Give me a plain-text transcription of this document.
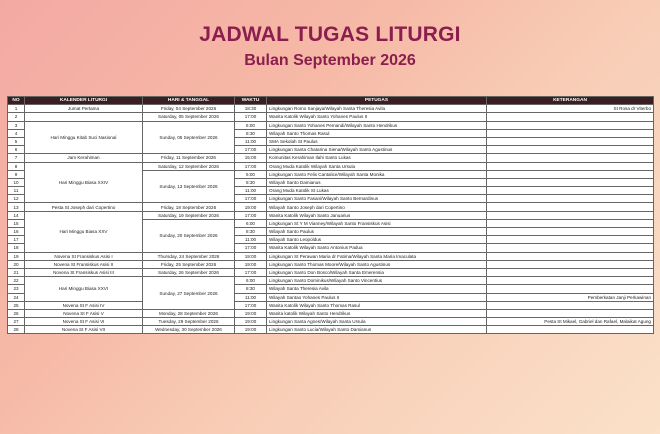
JADWAL TUGAS LITURGI
Bulan September 2026
NO	KALENDER LITURGI	HARI & TANGGAL	WAKTU	PETUGAS	KETERANGAN
1	Jumat Pertama	Friday, 04 September 2026	18:30	Lingkungan Romo Sanjaya/Wilayah Santa Theresia Avila	St Rosa dr Viterbo
2		Saturday, 05 September 2026	17:00	Wanita Katolik Wilayah Santo Yohanes Paulus II	
3	Hari Minggu Kitab Suci Nasional	Sunday, 06 September 2026	6:00	Lingkungan Santo Yohanes Pemandi/Wilayah Santo Hendrikus	
4			8:30	Wilayah Santo Thomas Rasul	
5			11:00	SMA Sekolah St Paulus	
6			17:00	Lingkungan Santa Chatarina Siena/Wilayah Santo Agustinus	
7	Jam Kerahiman	Friday, 11 September 2026	15:00	Komunitas Kerahiman Ilahi Santo Lukas	
8	Hari Minggu Biasa XXIV	Saturday, 12 September 2026	17:00	Orang Muda Katolik Wilayah Santa Ursula	
9		Sunday, 13 September 2026	6:00	Lingkungan Santo Felix Cantalice/Wilayah Santa Monika	
10			8:30	Wilayah Santo Damianus	
11			11:00	Orang Muda Katolik St Lukas	
12			17:00	Lingkungan Santo Fasani/Wilayah Santo Bernardinus	
13	Pesta St Joseph dari Copertino	Friday, 18 September 2026	19:00	Wilayah Santo Joseph dari Copertino	
14	Hari Minggu Biasa XXV	Saturday, 19 September 2026	17:00	Wanita Katolik Wilayah Santo Januarius	
15		Sunday, 20 September 2026	6:00	Lingkungan St Y M Vianney/Wilayah Santo Fransiskus Asisi	
16			8:30	Wilayah Santo Paulus	
17			11:00	Wilayah Santo Leopoldus	
18			17:00	Wanita Katolik Wilayah Santo Antonius Padua	
19	Novena St Fransiskus Asisi I	Thursday, 24 September 2026	19:00	Lingkungan St Perawan Maria dr Fatima/Wilayah Santa Maria Imaculata	
20	Novena St Fransiskus Asisi II	Friday, 25 September 2026	19:00	Lingkungan Santo Thomas Moore/Wilayah Santo Agustinus	
21	Novena St Fransiskus Asisi III	Saturday, 26 September 2026	17:00	Lingkungan Santo Don Bosco/Wilayah Santa Emerensia	
22	Hari Minggu Biasa XXVI	Sunday, 27 September 2026	6:00	Lingkungan Santo Dominikus/Wilayah Santo Vincentius	
23			8:30	Wilayah Santa Theresia Avila	
24			11:00	Wilayah Santao Yohanes Paulus II	Pemberkatan Janji Perkawinan
25	Novena St F Asisi IV		17:00	Wanita Katolik Wilayah Santo Thomas Rasul	
26	Novena St F Asisi V	Monday, 28 September 2026	19:00	Wanita katolik Wilayah Santo Hendrikus	
27	Novena St F Asisi VI	Tuesday, 29 September 2026	19:00	Lingkungan Santa Agnes/Wilayah Santa Ursula	Pesta St Mikael, Gabriel dan Rafael, Malaikat Agung
28	Novena St F Asisi VII	Wednesday, 30 September 2026	19:00	Lingkungan Santo Lucia/Wilayah Santo Damianus	
